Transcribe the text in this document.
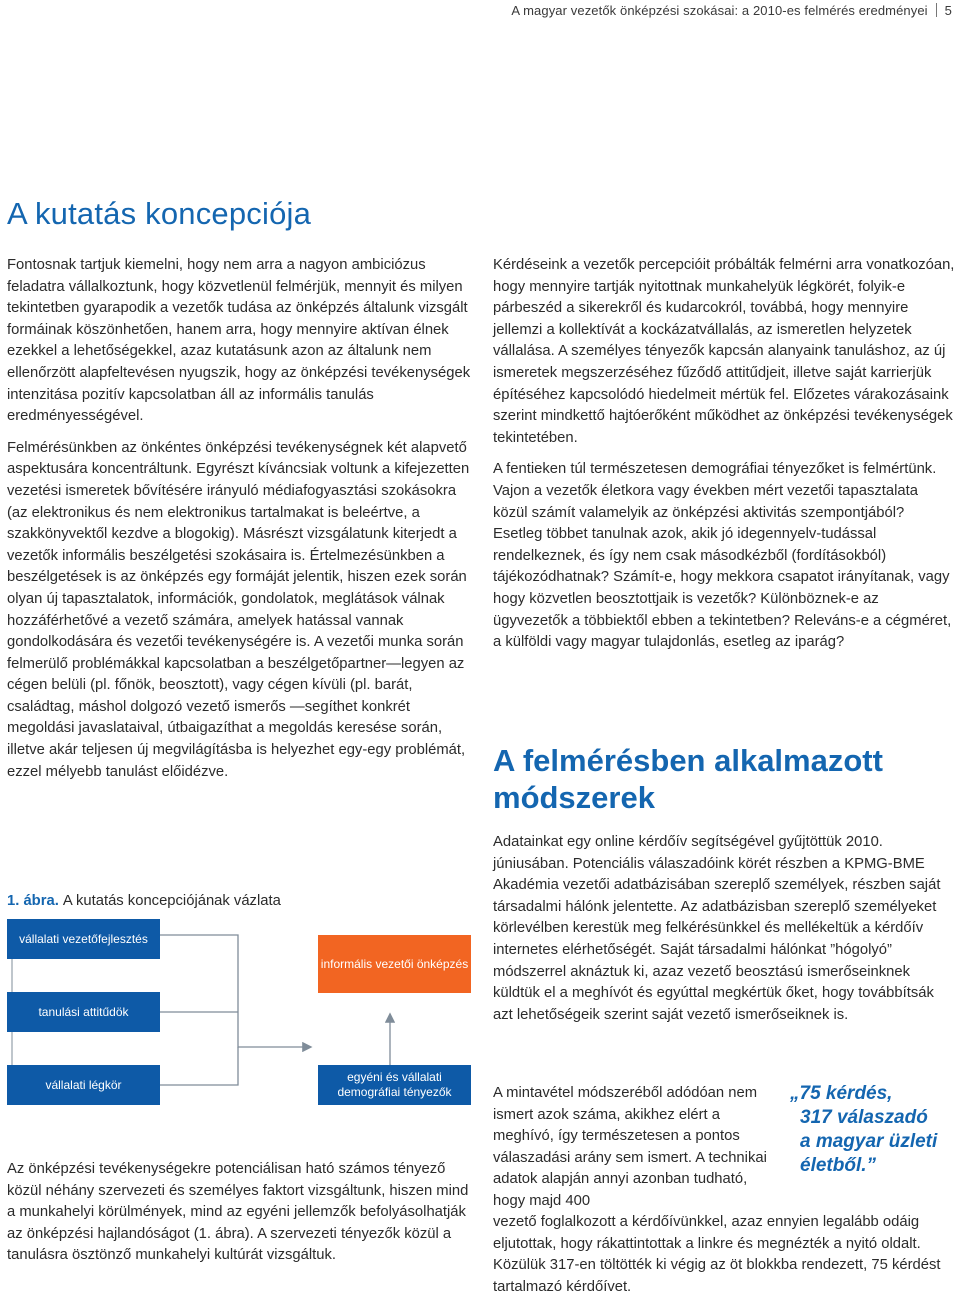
A magyar vezetők önképzési szokásai: a 2010-es felmérés eredményei 5
A kutatás koncepciója

Fontosnak tartjuk kiemelni, hogy nem arra a nagyon ambiciózus feladatra vállalkoztunk, hogy közvetlenül felmérjük, mennyit és milyen tekintetben gyarapodik a vezetők tudása az önképzés általunk vizsgált formáinak köszönhetően, hanem arra, hogy mennyire aktívan élnek ezekkel a lehetőségekkel, azaz kutatásunk azon az általunk nem ellenőrzött alapfeltevésen nyugszik, hogy az önképzési tevékenységek intenzitása pozitív kapcsolatban áll az informális tanulás eredményességével.

Felmérésünkben az önkéntes önképzési tevékenységnek két alapvető aspektusára koncentráltunk. Egyrészt kíváncsiak voltunk a kifejezetten vezetési ismeretek bővítésére irányuló médiafogyasztási szokásokra (az elektronikus és nem elektronikus tartalmakat is beleértve, a szakkönyvektől kezdve a blogokig). Másrészt vizsgálatunk kiterjedt a vezetők informális beszélgetési szokásaira is. Értelmezésünkben a beszélgetések is az önképzés egy formáját jelentik, hiszen ezek során olyan új tapasztalatok, információk, gondolatok, meglátások válnak hozzáférhetővé a vezető számára, amelyek hatással vannak gondolkodására és vezetői tevékenységére is. A vezetői munka során felmerülő problémákkal kapcsolatban a beszélgetőpartner—legyen az cégen belüli (pl. főnök, beosztott), vagy cégen kívüli (pl. barát, családtag, máshol dolgozó vezető ismerős —segíthet konkrét megoldási javaslataival, útbaigazíthat a megoldás keresése során, illetve akár teljesen új megvilágításba is helyezhet egy-egy problémát, ezzel mélyebb tanulást előidézve.

1. ábra. A kutatás koncepciójának vázlata
vállalati vezetőfejlesztés
tanulási attitűdök
vállalati légkör
informális vezetői önképzés
egyéni és vállalati demográfiai tényezők

Az önképzési tevékenységekre potenciálisan ható számos tényező közül néhány szervezeti és személyes faktort vizsgáltunk, hiszen mind a munkahelyi körülmények, mind az egyéni jellemzők befolyásolhatják az önképzési hajlandóságot (1. ábra). A szervezeti tényezők közül a tanulásra ösztönző munkahelyi kultúrát vizsgáltuk.

Kérdéseink a vezetők percepcióit próbálták felmérni arra vonatkozóan, hogy mennyire tartják nyitottnak munkahelyük légkörét, folyik-e párbeszéd a sikerekről és kudarcokról, továbbá, hogy mennyire jellemzi a kollektívát a kockázatvállalás, az ismeretlen helyzetek vállalása. A személyes tényezők kapcsán alanyaink tanuláshoz, az új ismeretek megszerzéséhez fűződő attitűdjeit, illetve saját karrierjük építéséhez kapcsolódó hiedelmeit mértük fel. Előzetes várakozásaink szerint mindkettő hajtóerőként működhet az önképzési tevékenységek tekintetében.

A fentieken túl természetesen demográfiai tényezőket is felmértünk. Vajon a vezetők életkora vagy években mért vezetői tapasztalata közül számít valamelyik az önképzési aktivitás szempontjából? Esetleg többet tanulnak azok, akik jó idegennyelv-tudással rendelkeznek, és így nem csak másodkézből (fordításokból) tájékozódhatnak? Számít-e, hogy mekkora csapatot irányítanak, vagy hogy közvetlen beosztottjaik is vezetők? Különböznek-e az ügyvezetők a többiektől ebben a tekintetben? Releváns-e a cégméret, a külföldi vagy magyar tulajdonlás, esetleg az iparág?

A felmérésben alkalmazott módszerek

Adatainkat egy online kérdőív segítségével gyűjtöttük 2010. júniusában. Potenciális válaszadóink körét részben a KPMG-BME Akadémia vezetői adatbázisában szereplő személyek, részben saját társadalmi hálónk jelentette. Az adatbázisban szereplő személyeket körlevélben kerestük meg felkérésünkkel és mellékeltük a kérdőív internetes elérhetőségét. Saját társadalmi hálónkat ”hógolyó” módszerrel aknáztuk ki, azaz vezető beosztású ismerőseinknek küldtük el a meghívót és egyúttal megkértük őket, hogy továbbítsák azt lehetőségeik szerint saját vezető ismerőseiknek is.

A mintavétel módszeréből adódóan nem ismert azok száma, akikhez elért a meghívó, így természetesen a pontos válaszadási arány sem ismert. A technikai adatok alapján annyi azonban tudható, hogy majd 400

„75 kérdés,
317 válaszadó
a magyar üzleti
életből.”

vezető foglalkozott a kérdőívünkkel, azaz ennyien legalább odáig eljutottak, hogy rákattintottak a linkre és megnézték a nyitó oldalt. Közülük 317-en töltötték ki végig az öt blokkba rendezett, 75 kérdést tartalmazó kérdőívet.
